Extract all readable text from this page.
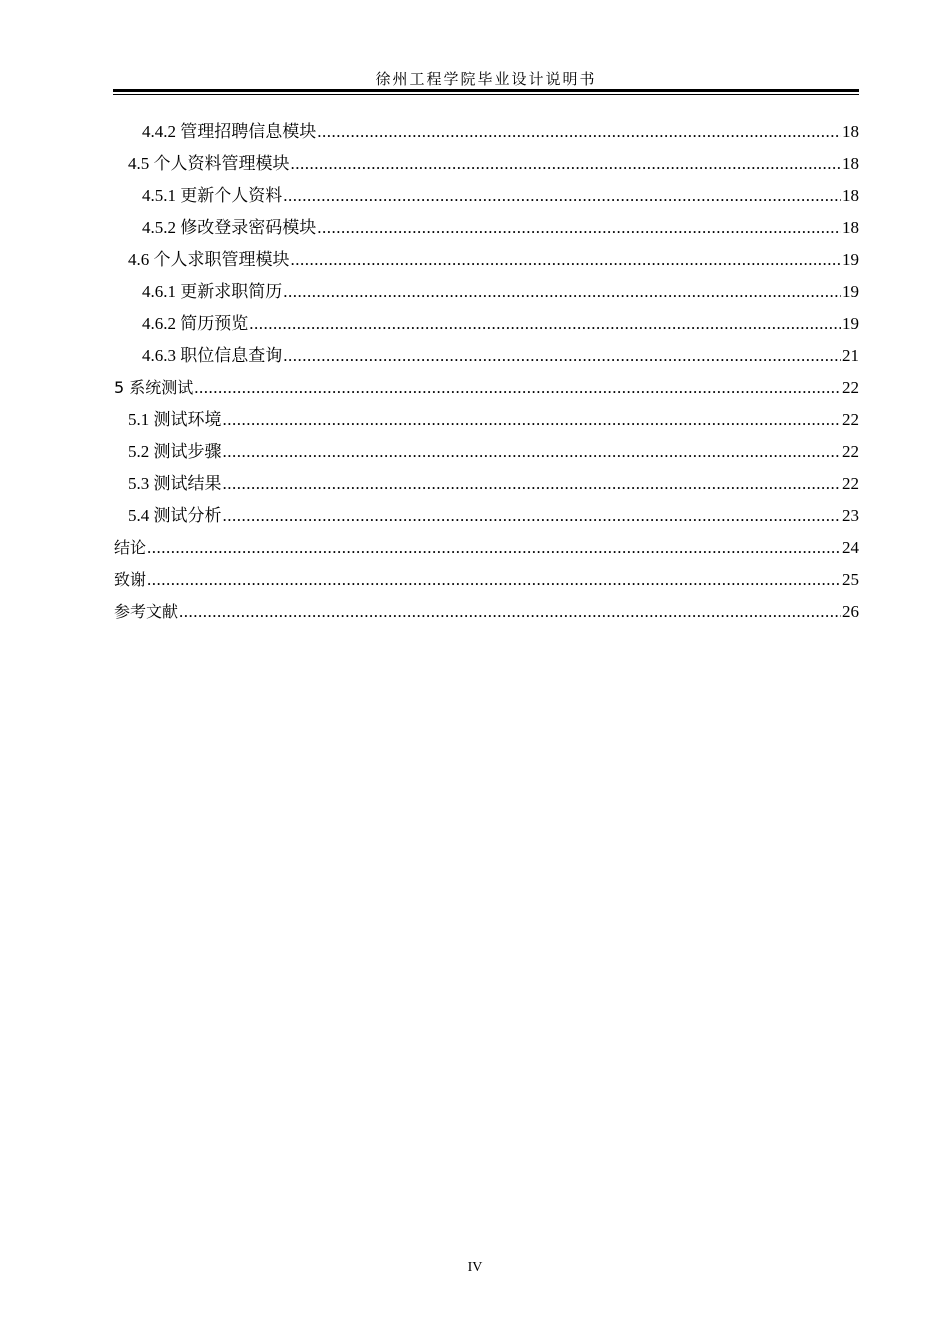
徐州工程学院毕业设计说明书
4.4.2 管理招聘信息模块 .....	18
4.5 个人资料管理模块 .....	18
4.5.1 更新个人资料 .....	18
4.5.2 修改登录密码模块 .....	18
4.6 个人求职管理模块 .....	19
4.6.1 更新求职简历 .....	19
4.6.2 简历预览 .....	19
4.6.3 职位信息查询 .....	21
5 系统测试 .....	22
5.1 测试环境 .....	22
5.2 测试步骤 .....	22
5.3 测试结果 .....	22
5.4 测试分析 .....	23
结论 .....	24
致谢 .....	25
参考文献 .....	26
IV
